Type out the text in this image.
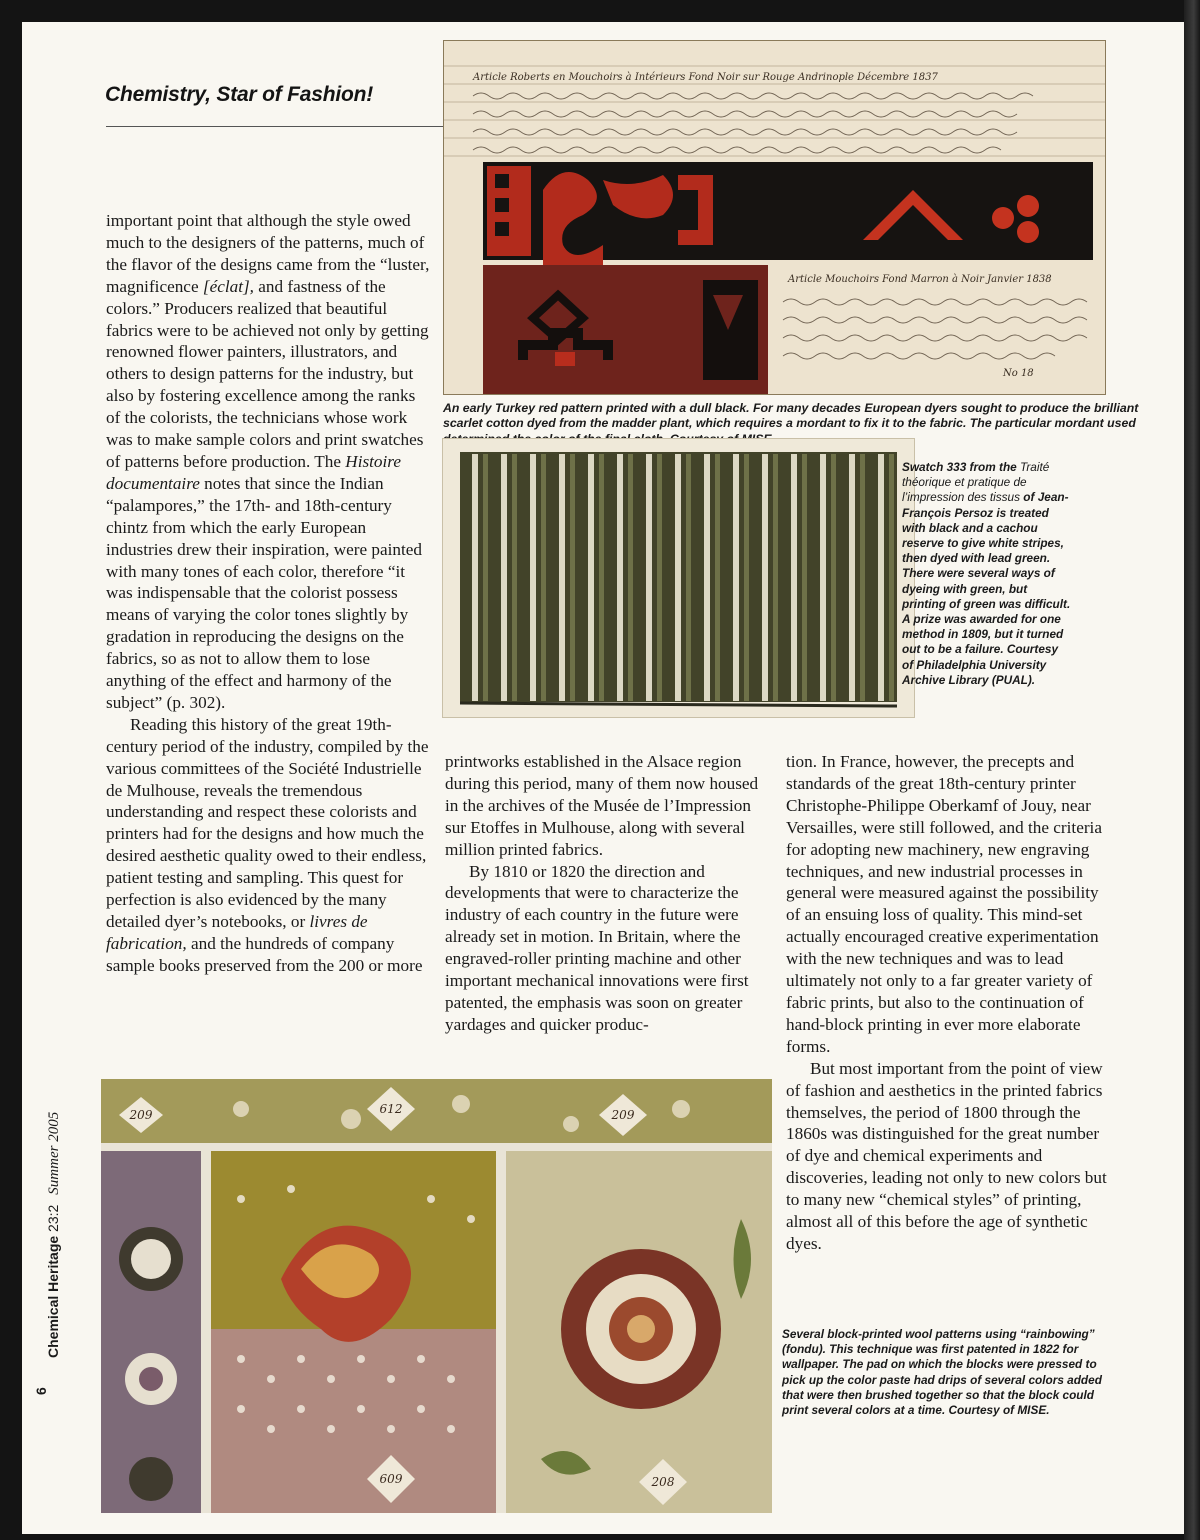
Chemistry, Star of Fashion!
Article Roberts en Mouchoirs à Intérieurs Fond Noir sur Rouge Andrinople Décembre 1837
Article Mouchoirs Fond Marron à Noir Janvier 1838
No 18
An early Turkey red pattern printed with a dull black. For many decades European dyers sought to produce the brilliant scarlet cotton dyed from the madder plant, which requires a mordant to fix it to the fabric. The particular mordant used
Swatch 333 from the Traité théorique et pratique de l’impression des tissus of Jean-François Persoz is treated with black and a cachou reserve to give white stripes, then dyed with lead green. There were several ways of dyeing with green, but printing of green was difficult. A prize was awarded for one method in 1809, but it turned out to be a failure. Courtesy of Philadelphia University Archive Library (PUAL).

important point that although the style owed much to the designers of the patterns, much of the flavor of the designs came from the “luster, magnificence [éclat], and fastness of the colors.” Producers realized that beautiful fabrics were to be achieved not only by getting renowned flower painters, illustrators, and others to design patterns for the industry, but also by fostering excellence among the ranks of the colorists, the technicians whose work was to make sample colors and print swatches of patterns before production. The Histoire documentaire notes that since the Indian “palampores,” the 17th- and 18th-century chintz from which the early European industries drew their inspiration, were painted with many tones of each color, therefore “it was indispensable that the colorist possess means of varying the color tones slightly by gradation in reproducing the designs on the fabrics, so as not to allow them to lose anything of the effect and harmony of the subject” (p. 302).

Reading this history of the great 19th-century period of the industry, compiled by the various committees of the Société Industrielle de Mulhouse, reveals the tremendous understanding and respect these colorists and printers had for the designs and how much the desired aesthetic quality owed to their endless, patient testing and sampling. This quest for perfection is also evidenced by the many detailed dyer’s notebooks, or livres de fabrication, and the hundreds of company sample books preserved from the 200 or more

printworks established in the Alsace region during this period, many of them now housed in the archives of the Musée de l’Impression sur Etoffes in Mulhouse, along with several million printed fabrics.

By 1810 or 1820 the direction and developments that were to characterize the industry of each country in the future were already set in motion. In Britain, where the engraved-roller printing machine and other important mechanical innovations were first patented, the emphasis was soon on greater yardages and quicker produc-

tion. In France, however, the precepts and standards of the great 18th-century printer Christophe-Philippe Oberkamf of Jouy, near Versailles, were still followed, and the criteria for adopting new machinery, new engraving techniques, and new industrial processes in general were measured against the possibility of an ensuing loss of quality. This mind-set actually encouraged creative experimentation with the new techniques and was to lead ultimately not only to a far greater variety of fabric prints, but also to the continuation of hand-block printing in ever more elaborate forms.

But most important from the point of view of fashion and aesthetics in the printed fabrics themselves, the period of 1800 through the 1860s was distinguished for the great number of dye and chemical experiments and discoveries, leading not only to new colors but to many new “chemical styles” of printing, almost all of this before the age of synthetic dyes.

209	612	209
609	208
Several block-printed wool patterns using “rainbowing” (fondu). This technique was first patented in 1822 for wallpaper. The pad on which the blocks were pressed to pick up the color paste had drips of several colors added that were then brushed together so that the block could print several colors at a time. Courtesy of MISE.
Chemical Heritage 23:2Summer 2005
6
